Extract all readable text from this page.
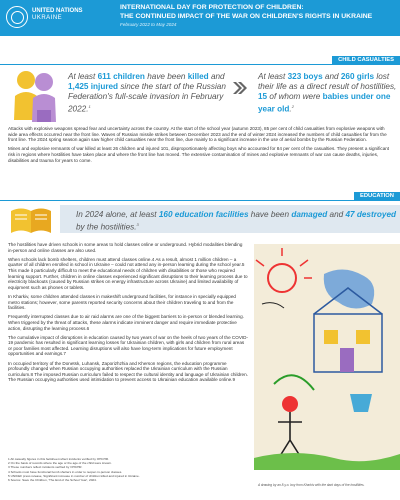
UNITED NATIONS
UKRAINE
INTERNATIONAL DAY FOR PROTECTION OF CHILDREN:
THE CONTINUED IMPACT OF THE WAR ON CHILDREN'S RIGHTS IN UKRAINE
February 2022 to May 2024
CHILD CASUALTIES
At least 611 children have been killed and 1,425 injured since the start of the Russian Federation's full-scale invasion in February 2022.$^1$
At least 323 boys and 260 girls lost their life as a direct result of hostilities, 15 of whom were babies under one year old.$^2$

Attacks with explosive weapons spread fear and uncertainty across the country. At the start of the school year (autumn 2023), 85 per cent of child casualties from explosive weapons with wide area effects occurred near the front line. Waves of Russian missile strikes between December 2023 and the end of winter 2024 increased the numbers of child casualties far from the front line. The 2024 spring season again saw higher child casualties near the front line, due mainly to a significant increase in the use of aerial bombs by the Russian Federation.

Mines and explosive remnants of war killed at least 26 children and injured 101, disproportionately affecting boys who accounted for 84 per cent of the casualties. They present a significant risk in regions where hostilities have taken place and where the front line has moved. The extensive contamination of mines and explosive remnants of war can cause deaths, injuries, disabilities and trauma for years to come.

EDUCATION
In 2024 alone, at least 160 education facilities have been damaged and 47 destroyed by the hostilities.$^3$

The hostilities have driven schools in some areas to hold classes online or underground. Hybrid modalities blending in-person and online classes are also used.

When schools lack bomb shelters, children must attend classes online.4 As a result, almost 1 million children – a quarter of all children enrolled in school in Ukraine – could not attend any in-person learning during the school year.5 This made it particularly difficult to meet the educational needs of children with disabilities or those who required learning support. Further, children in online classes experienced significant disruptions to their learning process due to electricity blackouts (caused by Russian strikes on energy infrastructure across Ukraine) and limited availability of equipment such as phones or tablets.

In Kharkiv, some children attended classes in makeshift underground facilities, for instance in specially equipped metro stations; however, some parents reported security concerns about their children traveling to and from the facilities.

Frequently interrupted classes due to air raid alarms are one of the biggest barriers to in-person or blended learning. When triggered by the threat of attacks, these alarms indicate imminent danger and require immediate protective action, disrupting the learning process.6

The cumulative impact of disruptions in education caused by two years of war on the heels of two years of the COVID-19 pandemic has resulted in significant learning losses for Ukrainian children, with girls and children from rural areas or poor families most affected. Learning disruptions will also have long-term implications for future employment opportunities and earnings.7

In occupied territory of the Donetsk, Luhansk, Zaporizhzhia and Kherson regions, the education programme profoundly changed when Russian occupying authorities replaced the Ukrainian curriculum with the Russian curriculum.8 The imposed Russian curriculum failed to respect the cultural identity and language of Ukrainian children. The Russian occupying authorities used intimidation to prevent access to Ukrainian education available online.9

A drawing by an 8-y.o. boy from Kharkiv with the dark days of the hostilities.
1 All casualty figures in this factsheet reflect incidents verified by OHCHR.
2 On the basis of records where the age or the age of the child were known.
3 These numbers reflect incidents verified by OHCHR.
4 Schools must have functional bomb shelters in order to reopen in-person classes.
5 UNICEF press release, Significant increase in number of children killed and injured in Ukraine.
6 Source: Save the Children, 'The End of the School Year', 2024.
